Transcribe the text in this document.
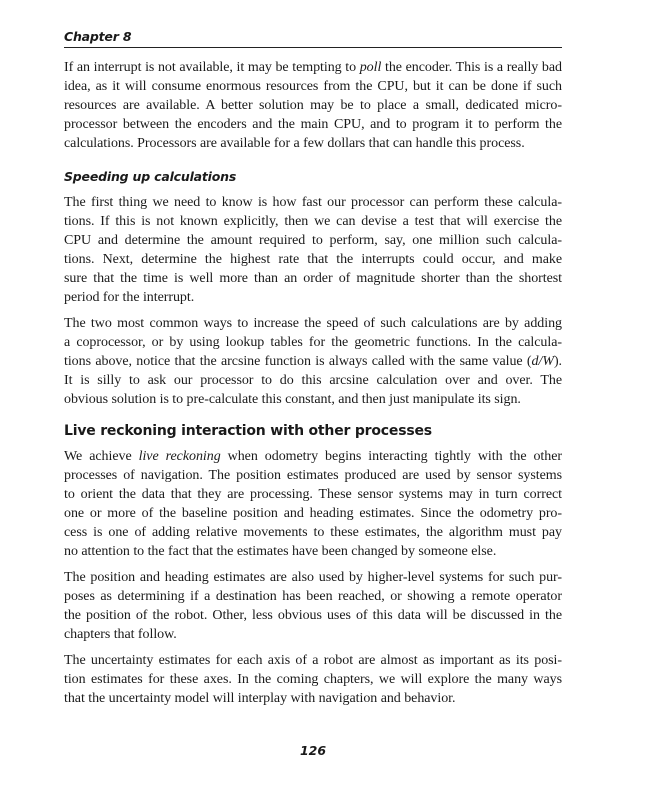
Chapter 8

If an interrupt is not available, it may be tempting to poll the encoder. This is a really bad
idea, as it will consume enormous resources from the CPU, but it can be done if such
resources are available. A better solution may be to place a small, dedicated micro-
processor between the encoders and the main CPU, and to program it to perform the
calculations. Processors are available for a few dollars that can handle this process.

Speeding up calculations

The first thing we need to know is how fast our processor can perform these calcula-
tions. If this is not known explicitly, then we can devise a test that will exercise the
CPU and determine the amount required to perform, say, one million such calcula-
tions. Next, determine the highest rate that the interrupts could occur, and make
sure that the time is well more than an order of magnitude shorter than the shortest
period for the interrupt.

The two most common ways to increase the speed of such calculations are by adding
a coprocessor, or by using lookup tables for the geometric functions. In the calcula-
tions above, notice that the arcsine function is always called with the same value (d/W).
It is silly to ask our processor to do this arcsine calculation over and over. The
obvious solution is to pre-calculate this constant, and then just manipulate its sign.

Live reckoning interaction with other processes

We achieve live reckoning when odometry begins interacting tightly with the other
processes of navigation. The position estimates produced are used by sensor systems
to orient the data that they are processing. These sensor systems may in turn correct
one or more of the baseline position and heading estimates. Since the odometry pro-
cess is one of adding relative movements to these estimates, the algorithm must pay
no attention to the fact that the estimates have been changed by someone else.

The position and heading estimates are also used by higher-level systems for such pur-
poses as determining if a destination has been reached, or showing a remote operator
the position of the robot. Other, less obvious uses of this data will be discussed in the
chapters that follow.

The uncertainty estimates for each axis of a robot are almost as important as its posi-
tion estimates for these axes. In the coming chapters, we will explore the many ways
that the uncertainty model will interplay with navigation and behavior.

126
